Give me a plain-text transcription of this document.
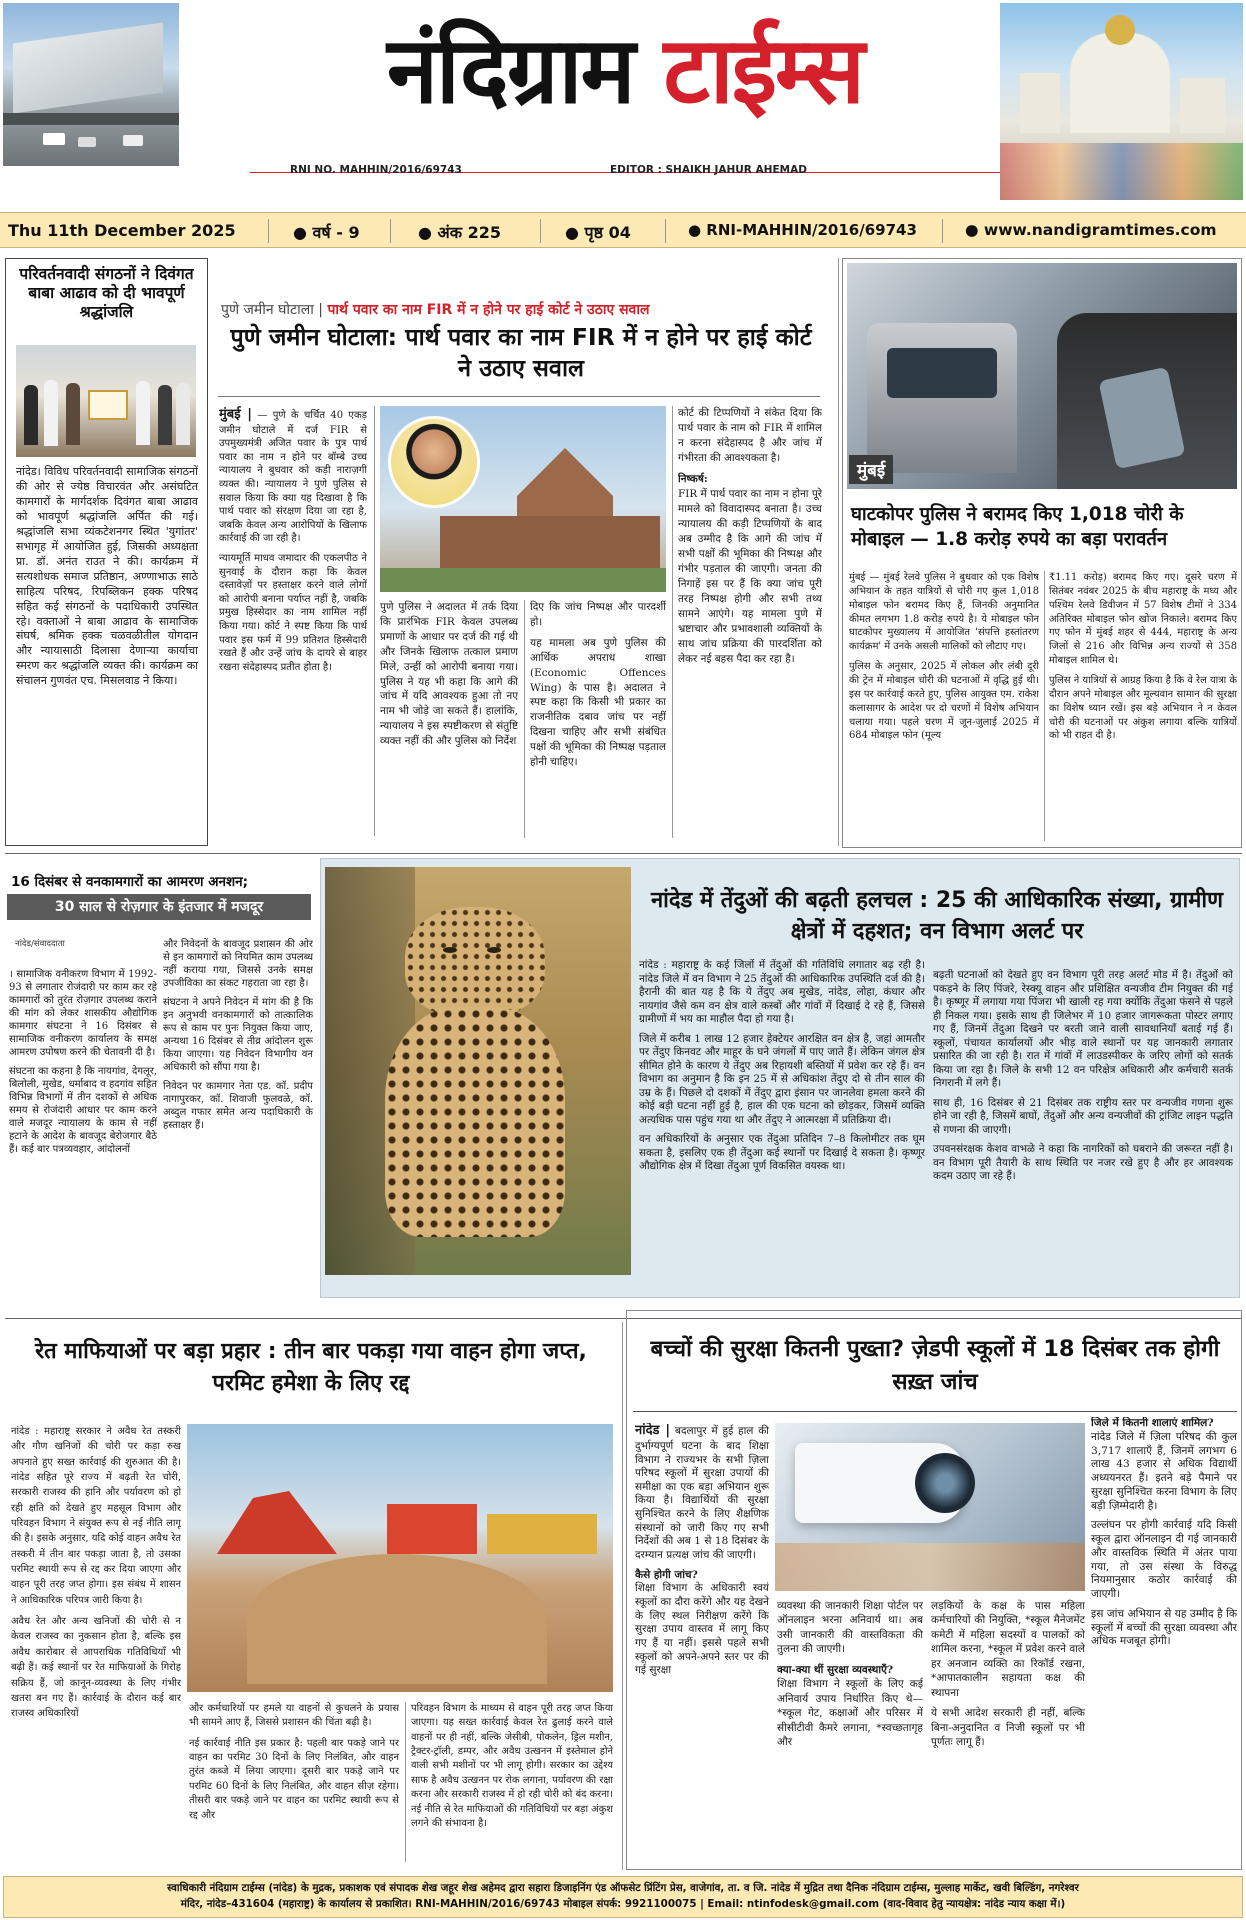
नंदिग्राम टाईम्स
RNI NO. MAHHIN/2016/69743	EDITOR : SHAIKH JAHUR AHEMAD
Thu 11th December 2025	● वर्ष - 9	● अंक 225	● पृष्ठ 04	● RNI-MAHHIN/2016/69743	● www.nandigramtimes.com
परिवर्तनवादी संगठनों ने दिवंगत बाबा आढाव को दी भावपूर्ण श्रद्धांजलि
नांदेड। विविध परिवर्तनवादी सामाजिक संगठनों की ओर से ज्येष्ठ विचारवंत और असंघटित कामगारों के मार्गदर्शक दिवंगत बाबा आढाव को भावपूर्ण श्रद्धांजलि अर्पित की गई। श्रद्धांजलि सभा व्यंकटेशनगर स्थित 'युगांतर' सभागृह में आयोजित हुई, जिसकी अध्यक्षता प्रा. डॉ. अनंत राउत ने की। कार्यक्रम में सत्यशोधक समाज प्रतिष्ठान, अण्णाभाऊ साठे साहित्य परिषद, रिपब्लिकन हक्क परिषद सहित कई संगठनों के पदाधिकारी उपस्थित रहे। वक्ताओं ने बाबा आढाव के सामाजिक संघर्ष, श्रमिक हक्क चळवळीतील योगदान और न्यायासाठी दिलासा देणाऱ्या कार्याचा स्मरण कर श्रद्धांजलि व्यक्त की। कार्यक्रम का संचालन गुणवंत एच. मिसलवाड ने किया।
पुणे जमीन घोटाला | पार्थ पवार का नाम FIR में न होने पर हाई कोर्ट ने उठाए सवाल
पुणे जमीन घोटाला: पार्थ पवार का नाम FIR में न होने पर हाई कोर्ट ने उठाए सवाल

मुंबई | — पुणे के चर्चित 40 एकड़ जमीन घोटाले में दर्ज FIR से उपमुख्यमंत्री अजित पवार के पुत्र पार्थ पवार का नाम न होने पर बॉम्बे उच्च न्यायालय ने बुधवार को कड़ी नाराज़गी व्यक्त की। न्यायालय ने पुणे पुलिस से सवाल किया कि क्या यह दिखावा है कि पार्थ पवार को संरक्षण दिया जा रहा है, जबकि केवल अन्य आरोपियों के खिलाफ कार्रवाई की जा रही है।

न्यायमूर्ति माधव जमादार की एकलपीठ ने सुनवाई के दौरान कहा कि केवल दस्तावेज़ों पर हस्ताक्षर करने वाले लोगों को आरोपी बनाना पर्याप्त नहीं है, जबकि प्रमुख हिस्सेदार का नाम शामिल नहीं किया गया। कोर्ट ने स्पष्ट किया कि पार्थ पवार इस फर्म में 99 प्रतिशत हिस्सेदारी रखते हैं और उन्हें जांच के दायरे से बाहर रखना संदेहास्पद प्रतीत होता है।

पुणे पुलिस ने अदालत में तर्क दिया कि प्रारंभिक FIR केवल उपलब्ध प्रमाणों के आधार पर दर्ज की गई थी और जिनके खिलाफ तत्काल प्रमाण मिले, उन्हीं को आरोपी बनाया गया। पुलिस ने यह भी कहा कि आगे की जांच में यदि आवश्यक हुआ तो नए नाम भी जोड़े जा सकते हैं। हालांकि, न्यायालय ने इस स्पष्टीकरण से संतुष्टि व्यक्त नहीं की और पुलिस को निर्देश

दिए कि जांच निष्पक्ष और पारदर्शी हो।

यह मामला अब पुणे पुलिस की आर्थिक अपराध शाखा (Economic Offences Wing) के पास है। अदालत ने स्पष्ट कहा कि किसी भी प्रकार का राजनीतिक दबाव जांच पर नहीं दिखना चाहिए और सभी संबंधित पक्षों की भूमिका की निष्पक्ष पड़ताल होनी चाहिए।

कोर्ट की टिप्पणियों ने संकेत दिया कि पार्थ पवार के नाम को FIR में शामिल न करना संदेहास्पद है और जांच में गंभीरता की आवश्यकता है।

निष्कर्ष:

FIR में पार्थ पवार का नाम न होना पूरे मामले को विवादास्पद बनाता है। उच्च न्यायालय की कड़ी टिप्पणियों के बाद अब उम्मीद है कि आगे की जांच में सभी पक्षों की भूमिका की निष्पक्ष और गंभीर पड़ताल की जाएगी। जनता की निगाहें इस पर हैं कि क्या जांच पूरी तरह निष्पक्ष होगी और सभी तथ्य सामने आएंगे। यह मामला पुणे में भ्रष्टाचार और प्रभावशाली व्यक्तियों के साथ जांच प्रक्रिया की पारदर्शिता को लेकर नई बहस पैदा कर रहा है।

मुंबई
घाटकोपर पुलिस ने बरामद किए 1,018 चोरी के मोबाइल — 1.8 करोड़ रुपये का बड़ा परावर्तन

मुंबई — मुंबई रेलवे पुलिस ने बुधवार को एक विशेष अभियान के तहत यात्रियों से चोरी गए कुल 1,018 मोबाइल फोन बरामद किए हैं, जिनकी अनुमानित कीमत लगभग 1.8 करोड़ रुपये है। ये मोबाइल फोन घाटकोपर मुख्यालय में आयोजित 'संपत्ति हस्तांतरण कार्यक्रम' में उनके असली मालिकों को लौटाए गए।

पुलिस के अनुसार, 2025 में लोकल और लंबी दूरी की ट्रेन में मोबाइल चोरी की घटनाओं में वृद्धि हुई थी। इस पर कार्रवाई करते हुए, पुलिस आयुक्त एम. राकेश कलासागर के आदेश पर दो चरणों में विशेष अभियान चलाया गया। पहले चरण में जून-जुलाई 2025 में 684 मोबाइल फोन (मूल्य

₹1.11 करोड़) बरामद किए गए। दूसरे चरण में सितंबर नवंबर 2025 के बीच महाराष्ट्र के मध्य और पश्चिम रेलवे डिवीजन में 57 विशेष टीमों ने 334 अतिरिक्त मोबाइल फोन खोज निकाले। बरामद किए गए फोन में मुंबई शहर से 444, महाराष्ट्र के अन्य जिलों से 216 और विभिन्न अन्य राज्यों से 358 मोबाइल शामिल थे।

पुलिस ने यात्रियों से आग्रह किया है कि वे रेल यात्रा के दौरान अपने मोबाइल और मूल्यवान सामान की सुरक्षा का विशेष ध्यान रखें। इस बड़े अभियान ने न केवल चोरी की घटनाओं पर अंकुश लगाया बल्कि यात्रियों को भी राहत दी है।

16 दिसंबर से वनकामगारों का आमरण अनशन;
30 साल से रोज़गार के इंतजार में मजदूर
नांदेड/संवाददाता

। सामाजिक वनीकरण विभाग में 1992-93 से लगातार रोजंदारी पर काम कर रहे कामगारों को तुरंत रोज़गार उपलब्ध कराने की मांग को लेकर शासकीय औद्योगिक कामगार संघटना ने 16 दिसंबर से सामाजिक वनीकरण कार्यालय के समक्ष आमरण उपोषण करने की चेतावनी दी है।

संघटना का कहना है कि नायगांव, देगलूर, बिलोली, मुखेड, धर्माबाद व हदगांव सहित विभिन्न विभागों में तीन दशकों से अधिक समय से रोजंदारी आधार पर काम करने वाले मजदूर न्यायालय के काम से नहीं हटाने के आदेश के बावजूद बेरोजगार बैठे हैं। कई बार पत्रव्यवहार, आंदोलनों

और निवेदनों के बावजूद प्रशासन की ओर से इन कामगारों को नियमित काम उपलब्ध नहीं कराया गया, जिससे उनके समक्ष उपजीविका का संकट गहराता जा रहा है।

संघटना ने अपने निवेदन में मांग की है कि इन अनुभवी वनकामगारों को तात्कालिक रूप से काम पर पुनः नियुक्त किया जाए, अन्यथा 16 दिसंबर से तीव्र आंदोलन शुरू किया जाएगा। यह निवेदन विभागीय वन अधिकारी को सौंपा गया है।

निवेदन पर कामगार नेता एड. कॉ. प्रदीप नागापुरकर, कॉ. शिवाजी फुलवळे, कॉ. अब्दुल गफार समेत अन्य पदाधिकारी के हस्ताक्षर हैं।

नांदेड में तेंदुओं की बढ़ती हलचल : 25 की आधिकारिक संख्या, ग्रामीण क्षेत्रों में दहशत; वन विभाग अलर्ट पर

नांदेड : महाराष्ट्र के कई जिलों में तेंदुओं की गतिविधि लगातार बढ़ रही है। नांदेड जिले में वन विभाग ने 25 तेंदुओं की आधिकारिक उपस्थिति दर्ज की है। हैरानी की बात यह है कि ये तेंदुए अब मुखेड, नांदेड, लोहा, कंधार और नायगांव जैसे कम वन क्षेत्र वाले कस्बों और गांवों में दिखाई दे रहे हैं, जिससे ग्रामीणों में भय का माहौल पैदा हो गया है।

जिले में करीब 1 लाख 12 हजार हेक्टेयर आरक्षित वन क्षेत्र है, जहां आमतौर पर तेंदुए किनवट और माहूर के घने जंगलों में पाए जाते हैं। लेकिन जंगल क्षेत्र सीमित होने के कारण ये तेंदुए अब रिहायशी बस्तियों में प्रवेश कर रहे हैं। वन विभाग का अनुमान है कि इन 25 में से अधिकांश तेंदुए दो से तीन साल की उम्र के हैं। पिछले दो दशकों में तेंदुए द्वारा इंसान पर जानलेवा हमला करने की कोई बड़ी घटना नहीं हुई है, हाल की एक घटना को छोड़कर, जिसमें व्यक्ति अत्यधिक पास पहुंच गया था और तेंदुए ने आत्मरक्षा में प्रतिक्रिया दी।

वन अधिकारियों के अनुसार एक तेंदुआ प्रतिदिन 7–8 किलोमीटर तक घूम सकता है, इसलिए एक ही तेंदुआ कई स्थानों पर दिखाई दे सकता है। कृष्णूर औद्योगिक क्षेत्र में दिखा तेंदुआ पूर्ण विकसित वयस्क था।

बढ़ती घटनाओं को देखते हुए वन विभाग पूरी तरह अलर्ट मोड में है। तेंदुओं को पकड़ने के लिए पिंजरे, रेस्क्यू वाहन और प्रशिक्षित वन्यजीव टीम नियुक्त की गई है। कृष्णूर में लगाया गया पिंजरा भी खाली रह गया क्योंकि तेंदुआ फंसने से पहले ही निकल गया। इसके साथ ही जिलेभर में 10 हजार जागरूकता पोस्टर लगाए गए हैं, जिनमें तेंदुआ दिखने पर बरती जाने वाली सावधानियाँ बताई गई हैं। स्कूलों, पंचायत कार्यालयों और भीड़ वाले स्थानों पर यह जानकारी लगातार प्रसारित की जा रही है। रात में गांवों में लाउडस्पीकर के जरिए लोगों को सतर्क किया जा रहा है। जिले के सभी 12 वन परिक्षेत्र अधिकारी और कर्मचारी सतर्क निगरानी में लगे हैं।

साथ ही, 16 दिसंबर से 21 दिसंबर तक राष्ट्रीय स्तर पर वन्यजीव गणना शुरू होने जा रही है, जिसमें बाघों, तेंदुओं और अन्य वन्यजीवों की ट्रांजिट लाइन पद्धति से गणना की जाएगी।

उपवनसंरक्षक केशव वाभळे ने कहा कि नागरिकों को घबराने की जरूरत नहीं है। वन विभाग पूरी तैयारी के साथ स्थिति पर नजर रखे हुए है और हर आवश्यक कदम उठाए जा रहे हैं।

रेत माफियाओं पर बड़ा प्रहार : तीन बार पकड़ा गया वाहन होगा जप्त, परमिट हमेशा के लिए रद्द

नांदेड : महाराष्ट्र सरकार ने अवैध रेत तस्करी और गौण खनिजों की चोरी पर कड़ा रुख अपनाते हुए सख्त कार्रवाई की शुरुआत की है। नांदेड सहित पूरे राज्य में बढ़ती रेत चोरी, सरकारी राजस्व की हानि और पर्यावरण को हो रही क्षति को देखते हुए महसूल विभाग और परिवहन विभाग ने संयुक्त रूप से नई नीति लागू की है। इसके अनुसार, यदि कोई वाहन अवैध रेत तस्करी में तीन बार पकड़ा जाता है, तो उसका परमिट स्थायी रूप से रद्द कर दिया जाएगा और वाहन पूरी तरह जप्त होगा। इस संबंध में शासन ने आधिकारिक परिपत्र जारी किया है।

अवैध रेत और अन्य खनिजों की चोरी से न केवल राजस्व का नुकसान होता है, बल्कि इस अवैध कारोबार से आपराधिक गतिविधियाँ भी बढ़ी हैं। कई स्थानों पर रेत माफियाओं के गिरोह सक्रिय हैं, जो कानून-व्यवस्था के लिए गंभीर खतरा बन गए हैं। कार्रवाई के दौरान कई बार राजस्व अधिकारियों	और कर्मचारियों पर हमले या वाहनों से कुचलने के प्रयास भी सामने आए हैं, जिससे प्रशासन की चिंता बढ़ी है।

नई कार्रवाई नीति इस प्रकार है: पहली बार पकड़े जाने पर वाहन का परमिट 30 दिनों के लिए निलंबित, और वाहन तुरंत कब्जे में लिया जाएगा। दूसरी बार पकड़े जाने पर परमिट 60 दिनों के लिए निलंबित, और वाहन सीज़ रहेगा। तीसरी बार पकड़े जाने पर वाहन का परमिट स्थायी रूप से रद्द और

परिवहन विभाग के माध्यम से वाहन पूरी तरह जप्त किया जाएगा। यह सख्त कार्रवाई केवल रेत ढुलाई करने वाले वाहनों पर ही नहीं, बल्कि जेसीबी, पोकलेन, ड्रिल मशीन, ट्रैक्टर-ट्रॉली, डम्पर, और अवैध उत्खनन में इस्तेमाल होने वाली सभी मशीनों पर भी लागू होगी। सरकार का उद्देश्य साफ है अवैध उत्खनन पर रोक लगाना, पर्यावरण की रक्षा करना और सरकारी राजस्व में हो रही चोरी को बंद करना। नई नीति से रेत माफियाओं की गतिविधियों पर बड़ा अंकुश लगने की संभावना है।
बच्चों की सुरक्षा कितनी पुख्ता? ज़ेडपी स्कूलों में 18 दिसंबर तक होगी सख़्त जांच

नांदेड | बदलापुर में हुई हाल की दुर्भाग्यपूर्ण घटना के बाद शिक्षा विभाग ने राज्यभर के सभी ज़िला परिषद स्कूलों में सुरक्षा उपायों की समीक्षा का एक बड़ा अभियान शुरू किया है। विद्यार्थियों की सुरक्षा सुनिश्चित करने के लिए शैक्षणिक संस्थानों को जारी किए गए सभी निर्देशों की अब 1 से 18 दिसंबर के दरम्यान प्रत्यक्ष जांच की जाएगी।

कैसे होगी जांच?

शिक्षा विभाग के अधिकारी स्वयं स्कूलों का दौरा करेंगे और यह देखने के लिए स्थल निरीक्षण करेंगे कि सुरक्षा उपाय वास्तव में लागू किए गए हैं या नहीं। इससे पहले सभी स्कूलों को अपने-अपने स्तर पर की गई सुरक्षा

व्यवस्था की जानकारी शिक्षा पोर्टल पर ऑनलाइन भरना अनिवार्य था। अब उसी जानकारी की वास्तविकता की तुलना की जाएगी।

क्या-क्या थीं सुरक्षा व्यवस्थाएँ?

शिक्षा विभाग ने स्कूलों के लिए कई अनिवार्य उपाय निर्धारित किए थे— *स्कूल गेट, कक्षाओं और परिसर में सीसीटीवी कैमरे लगाना, *स्वच्छतागृह और

लड़कियों के कक्ष के पास महिला कर्मचारियों की नियुक्ति, *स्कूल मैनेजमेंट कमेटी में महिला सदस्यों व पालकों को शामिल करना, *स्कूल में प्रवेश करने वाले हर अनजान व्यक्ति का रिकॉर्ड रखना, *आपातकालीन सहायता कक्ष की स्थापना

ये सभी आदेश सरकारी ही नहीं, बल्कि बिना-अनुदानित व निजी स्कूलों पर भी पूर्णतः लागू हैं।

जिले में कितनी शालाएं शामिल?

नांदेड जिले में ज़िला परिषद की कुल 3,717 शालाएँ हैं, जिनमें लगभग 6 लाख 43 हजार से अधिक विद्यार्थी अध्ययनरत हैं। इतने बड़े पैमाने पर सुरक्षा सुनिश्चित करना विभाग के लिए बड़ी ज़िम्मेदारी है।

उल्लंघन पर होगी कार्रवाई यदि किसी स्कूल द्वारा ऑनलाइन दी गई जानकारी और वास्तविक स्थिति में अंतर पाया गया, तो उस संस्था के विरुद्ध नियमानुसार कठोर कार्रवाई की जाएगी।

इस जांच अभियान से यह उम्मीद है कि स्कूलों में बच्चों की सुरक्षा व्यवस्था और अधिक मजबूत होगी।

स्वाधिकारी नंदिग्राम टाईम्स (नांदेड) के मुद्रक, प्रकाशक एवं संपादक शेख जहूर शेख अहेमद द्वारा सहारा डिजाइनिंग एंड ऑफसेट प्रिंटिंग प्रेस, वाजेगांव, ता. व जि. नांदेड में मुद्रित तथा दैनिक नंदिग्राम टाईम्स, मुल्लाह मार्केट, खवी बिल्डिंग, नगरेश्वर
मंदिर, नांदेड–431604 (महाराष्ट्र) के कार्यालय से प्रकाशित। RNI-MAHHIN/2016/69743 मोबाइल संपर्क: 9921100075 | Email: ntinfodesk@gmail.com (वाद-विवाद हेतु न्यायक्षेत्र: नांदेड न्याय कक्षा में।)
